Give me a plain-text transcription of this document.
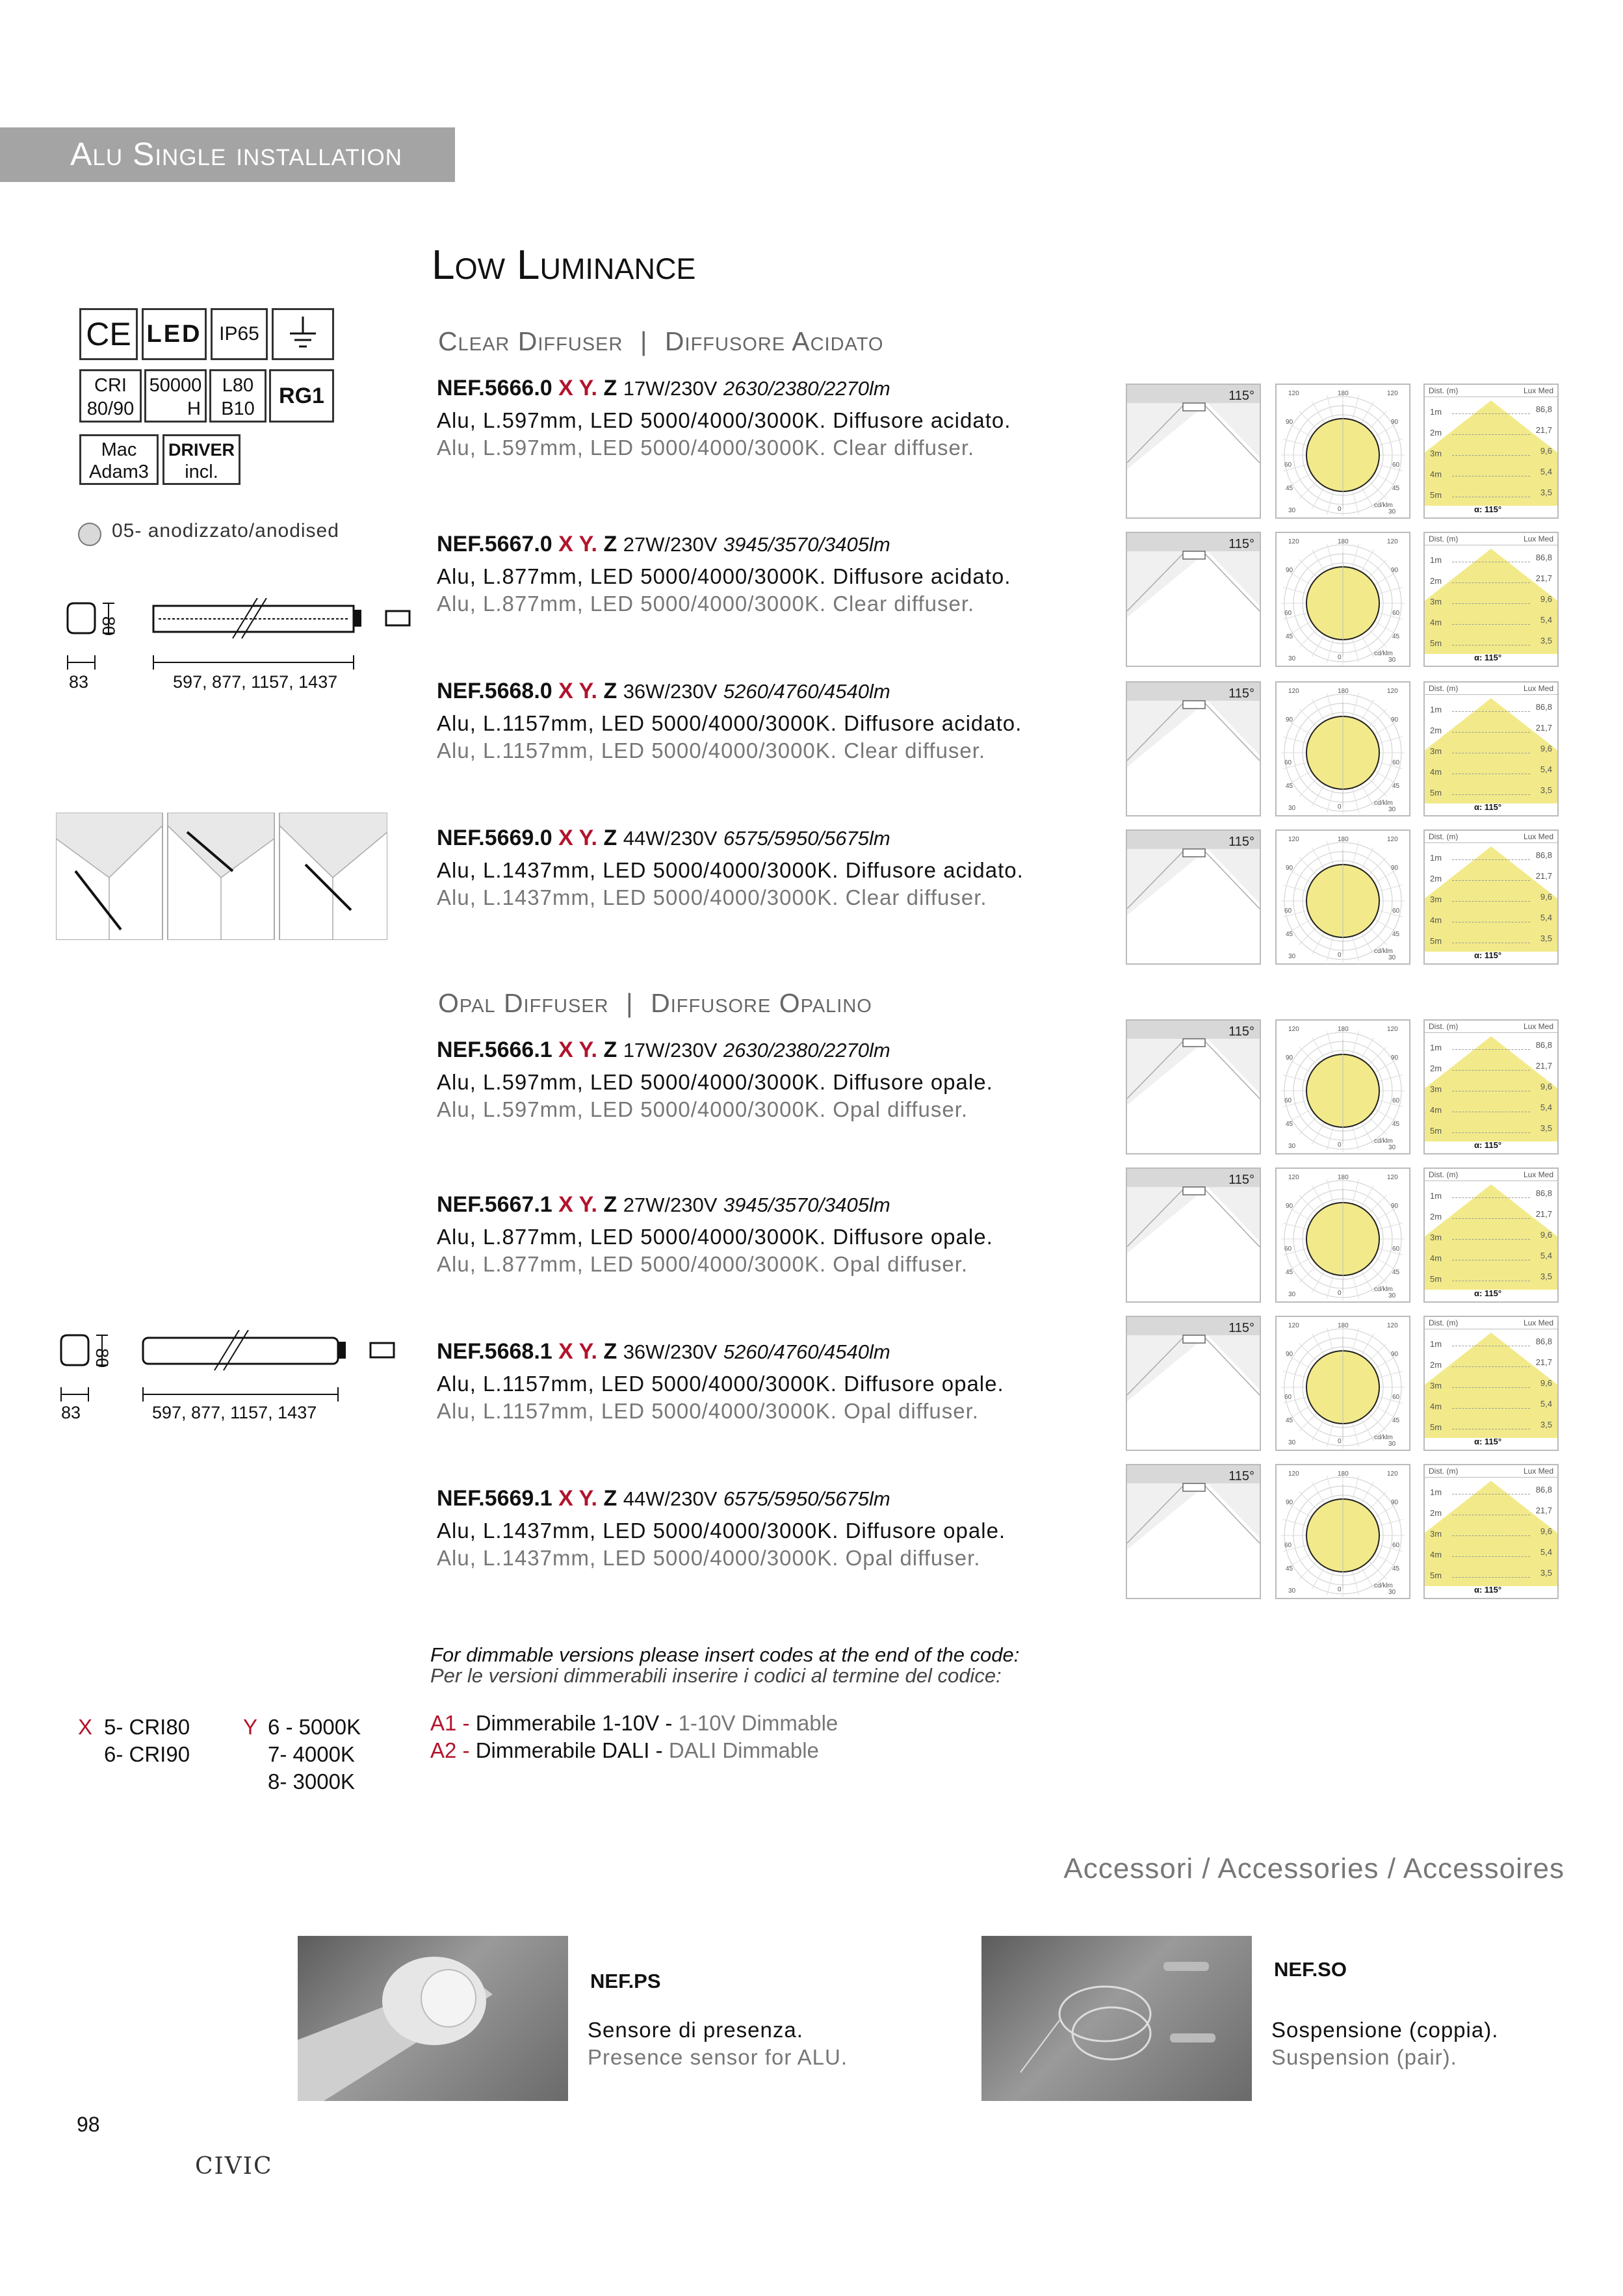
Alu Single installation
Low Luminance
CE LED IP65
CRI
80/90
50000
H
L80
B10
RG1
Mac
Adam3
DRIVER
incl.
05- anodizzato/anodised
80
83	597, 877, 1157, 1437
80
83	597, 877, 1157, 1437
Clear Diffuser | Diffusore Acidato
NEF.5666.0 X Y. Z 17W/230V 2630/2380/2270lm
Alu, L.597mm, LED 5000/4000/3000K. Diffusore acidato.
Alu, L.597mm, LED 5000/4000/3000K. Clear diffuser.
NEF.5667.0 X Y. Z 27W/230V 3945/3570/3405lm
Alu, L.877mm, LED 5000/4000/3000K. Diffusore acidato.
Alu, L.877mm, LED 5000/4000/3000K. Clear diffuser.
NEF.5668.0 X Y. Z 36W/230V 5260/4760/4540lm
Alu, L.1157mm, LED 5000/4000/3000K. Diffusore acidato.
Alu, L.1157mm, LED 5000/4000/3000K. Clear diffuser.
NEF.5669.0 X Y. Z 44W/230V 6575/5950/5675lm
Alu, L.1437mm, LED 5000/4000/3000K. Diffusore acidato.
Alu, L.1437mm, LED 5000/4000/3000K. Clear diffuser.
Opal Diffuser | Diffusore Opalino
NEF.5666.1 X Y. Z 17W/230V 2630/2380/2270lm
Alu, L.597mm, LED 5000/4000/3000K. Diffusore opale.
Alu, L.597mm, LED 5000/4000/3000K. Opal diffuser.
NEF.5667.1 X Y. Z 27W/230V 3945/3570/3405lm
Alu, L.877mm, LED 5000/4000/3000K. Diffusore opale.
Alu, L.877mm, LED 5000/4000/3000K. Opal diffuser.
NEF.5668.1 X Y. Z 36W/230V 5260/4760/4540lm
Alu, L.1157mm, LED 5000/4000/3000K. Diffusore opale.
Alu, L.1157mm, LED 5000/4000/3000K. Opal diffuser.
NEF.5669.1 X Y. Z 44W/230V 6575/5950/5675lm
Alu, L.1437mm, LED 5000/4000/3000K. Diffusore opale.
Alu, L.1437mm, LED 5000/4000/3000K. Opal diffuser.
For dimmable versions please insert codes at the end of the code:
Per le versioni dimmerabili inserire i codici al termine del codice:
X 5- CRI80
6- CRI90
Y 6 - 5000K
7- 4000K
8- 3000K
A1 - Dimmerabile 1-10V - 1-10V Dimmable
A2 - Dimmerabile DALI - DALI Dimmable
Accessori / Accessories / Accessoires
NEF.PS
Sensore di presenza.
Presence sensor for ALU.
NEF.SO
Sospensione (coppia).
Suspension (pair).
98
CIVIC
115°	120	180	120
90	90
60	60
45	45
30	0	30
cd/klm
Dist. (m)	Lux Med
1m	86,8
2m	21,7
3m	9,6
4m	5,4
5m	3,5
α: 115°
115°	120	180	120
90	90
60	60
45	45
30	0	30
cd/klm
Dist. (m)	Lux Med
1m	86,8
2m	21,7
3m	9,6
4m	5,4
5m	3,5
α: 115°
115°	120	180	120
90	90
60	60
45	45
30	0	30
cd/klm
Dist. (m)	Lux Med
1m	86,8
2m	21,7
3m	9,6
4m	5,4
5m	3,5
α: 115°
115°	120	180	120
90	90
60	60
45	45
30	0	30
cd/klm
Dist. (m)	Lux Med
1m	86,8
2m	21,7
3m	9,6
4m	5,4
5m	3,5
α: 115°
115°	120	180	120
90	90
60	60
45	45
30	0	30
cd/klm
Dist. (m)	Lux Med
1m	86,8
2m	21,7
3m	9,6
4m	5,4
5m	3,5
α: 115°
115°	120	180	120
90	90
60	60
45	45
30	0	30
cd/klm
Dist. (m)	Lux Med
1m	86,8
2m	21,7
3m	9,6
4m	5,4
5m	3,5
α: 115°
115°	120	180	120
90	90
60	60
45	45
30	0	30
cd/klm
Dist. (m)	Lux Med
1m	86,8
2m	21,7
3m	9,6
4m	5,4
5m	3,5
α: 115°
115°	120	180	120
90	90
60	60
45	45
30	0	30
cd/klm
Dist. (m)	Lux Med
1m	86,8
2m	21,7
3m	9,6
4m	5,4
5m	3,5
α: 115°
